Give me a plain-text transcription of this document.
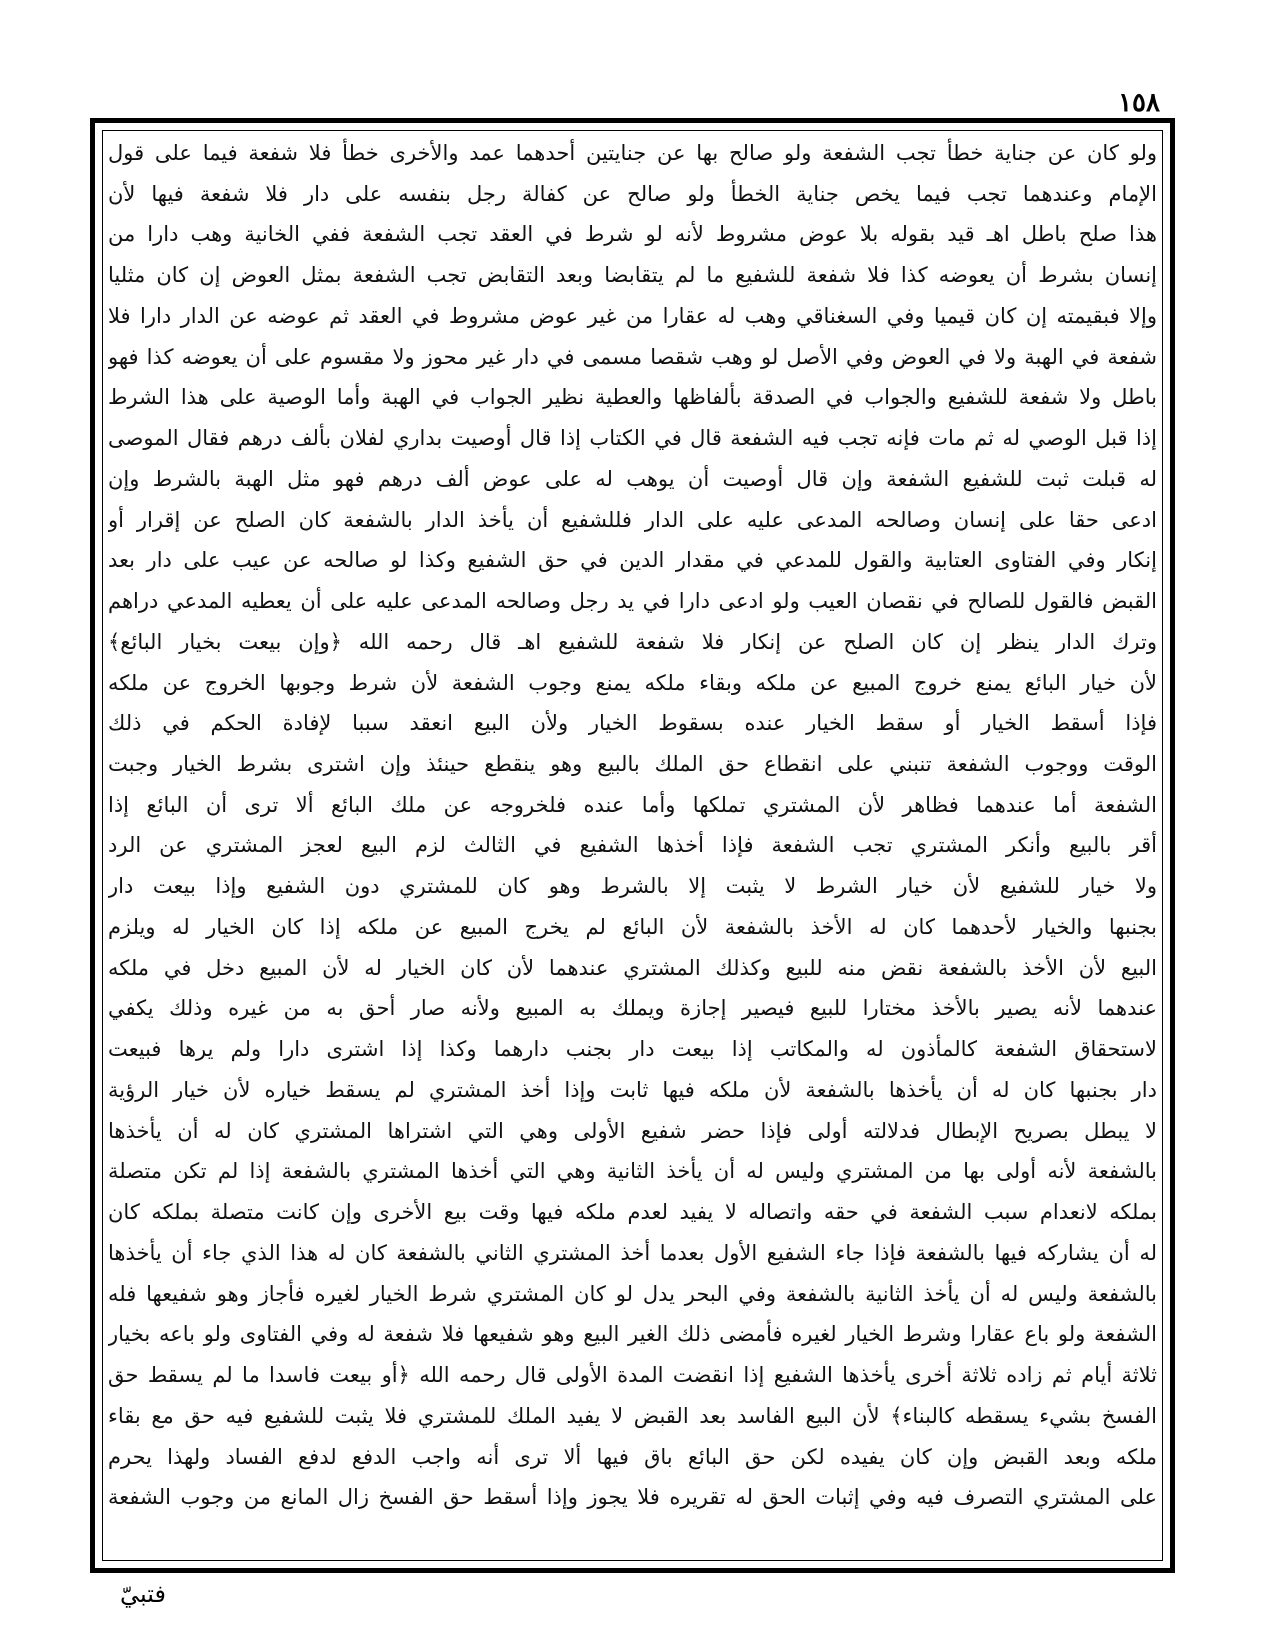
١٥٨
ولو كان عن جناية خطأ تجب الشفعة ولو صالح بها عن جنايتين أحدهما عمد والأخرى خطأ فلا شفعة فيما على قول
الإمام وعندهما تجب فيما يخص جناية الخطأ ولو صالح عن كفالة رجل بنفسه على دار فلا شفعة فيها لأن
هذا صلح باطل اهـ قيد بقوله بلا عوض مشروط لأنه لو شرط في العقد تجب الشفعة ففي الخانية وهب دارا من
إنسان بشرط أن يعوضه كذا فلا شفعة للشفيع ما لم يتقابضا وبعد التقابض تجب الشفعة بمثل العوض إن كان مثليا
وإلا فبقيمته إن كان قيميا وفي السغناقي وهب له عقارا من غير عوض مشروط في العقد ثم عوضه عن الدار دارا فلا
شفعة في الهبة ولا في العوض وفي الأصل لو وهب شقصا مسمى في دار غير محوز ولا مقسوم على أن يعوضه كذا فهو
باطل ولا شفعة للشفيع والجواب في الصدقة بألفاظها والعطية نظير الجواب في الهبة وأما الوصية على هذا الشرط
إذا قبل الوصي له ثم مات فإنه تجب فيه الشفعة قال في الكتاب إذا قال أوصيت بداري لفلان بألف درهم فقال الموصى
له قبلت ثبت للشفيع الشفعة وإن قال أوصيت أن يوهب له على عوض ألف درهم فهو مثل الهبة بالشرط وإن
ادعى حقا على إنسان وصالحه المدعى عليه على الدار فللشفيع أن يأخذ الدار بالشفعة كان الصلح عن إقرار أو
إنكار وفي الفتاوى العتابية والقول للمدعي في مقدار الدين في حق الشفيع وكذا لو صالحه عن عيب على دار بعد
القبض فالقول للصالح في نقصان العيب ولو ادعى دارا في يد رجل وصالحه المدعى عليه على أن يعطيه المدعي دراهم
وترك الدار ينظر إن كان الصلح عن إنكار فلا شفعة للشفيع اهـ قال رحمه الله ﴿وإن بيعت بخيار البائع﴾
لأن خيار البائع يمنع خروج المبيع عن ملكه وبقاء ملكه يمنع وجوب الشفعة لأن شرط وجوبها الخروج عن ملكه
فإذا أسقط الخيار أو سقط الخيار عنده بسقوط الخيار ولأن البيع انعقد سببا لإفادة الحكم في ذلك
الوقت ووجوب الشفعة تنبني على انقطاع حق الملك بالبيع وهو ينقطع حينئذ وإن اشترى بشرط الخيار وجبت
الشفعة أما عندهما فظاهر لأن المشتري تملكها وأما عنده فلخروجه عن ملك البائع ألا ترى أن البائع إذا
أقر بالبيع وأنكر المشتري تجب الشفعة فإذا أخذها الشفيع في الثالث لزم البيع لعجز المشتري عن الرد
ولا خيار للشفيع لأن خيار الشرط لا يثبت إلا بالشرط وهو كان للمشتري دون الشفيع وإذا بيعت دار
بجنبها والخيار لأحدهما كان له الأخذ بالشفعة لأن البائع لم يخرج المبيع عن ملكه إذا كان الخيار له ويلزم
البيع لأن الأخذ بالشفعة نقض منه للبيع وكذلك المشتري عندهما لأن كان الخيار له لأن المبيع دخل في ملكه
عندهما لأنه يصير بالأخذ مختارا للبيع فيصير إجازة ويملك به المبيع ولأنه صار أحق به من غيره وذلك يكفي
لاستحقاق الشفعة كالمأذون له والمكاتب إذا بيعت دار بجنب دارهما وكذا إذا اشترى دارا ولم يرها فبيعت
دار بجنبها كان له أن يأخذها بالشفعة لأن ملكه فيها ثابت وإذا أخذ المشتري لم يسقط خياره لأن خيار الرؤية
لا يبطل بصريح الإبطال فدلالته أولى فإذا حضر شفيع الأولى وهي التي اشتراها المشتري كان له أن يأخذها
بالشفعة لأنه أولى بها من المشتري وليس له أن يأخذ الثانية وهي التي أخذها المشتري بالشفعة إذا لم تكن متصلة
بملكه لانعدام سبب الشفعة في حقه واتصاله لا يفيد لعدم ملكه فيها وقت بيع الأخرى وإن كانت متصلة بملكه كان
له أن يشاركه فيها بالشفعة فإذا جاء الشفيع الأول بعدما أخذ المشتري الثاني بالشفعة كان له هذا الذي جاء أن يأخذها
بالشفعة وليس له أن يأخذ الثانية بالشفعة وفي البحر يدل لو كان المشتري شرط الخيار لغيره فأجاز وهو شفيعها فله
الشفعة ولو باع عقارا وشرط الخيار لغيره فأمضى ذلك الغير البيع وهو شفيعها فلا شفعة له وفي الفتاوى ولو باعه بخيار
ثلاثة أيام ثم زاده ثلاثة أخرى يأخذها الشفيع إذا انقضت المدة الأولى قال رحمه الله ﴿أو بيعت فاسدا ما لم يسقط حق
الفسخ بشيء يسقطه كالبناء﴾ لأن البيع الفاسد بعد القبض لا يفيد الملك للمشتري فلا يثبت للشفيع فيه حق مع بقاء
ملكه وبعد القبض وإن كان يفيده لكن حق البائع باق فيها ألا ترى أنه واجب الدفع لدفع الفساد ولهذا يحرم
على المشتري التصرف فيه وفي إثبات الحق له تقريره فلا يجوز وإذا أسقط حق الفسخ زال المانع من وجوب الشفعة
فتبيّ
